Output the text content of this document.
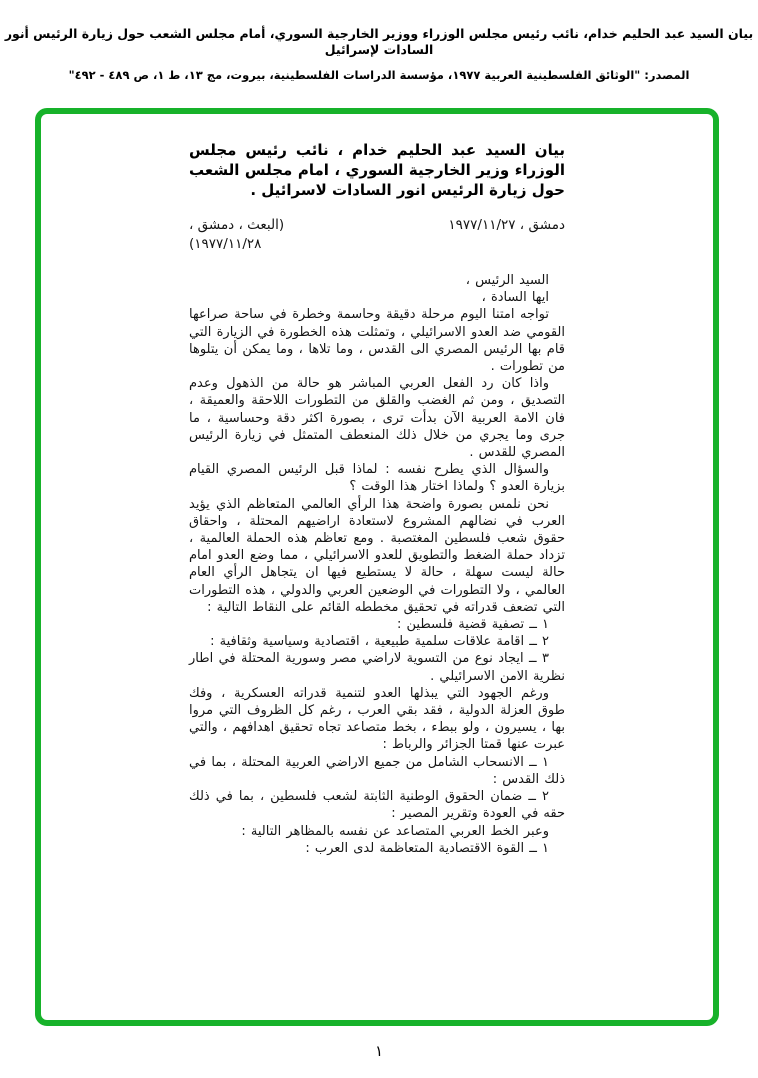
بيان السيد عبد الحليم خدام، نائب رئيس مجلس الوزراء ووزير الخارجية السوري، أمام مجلس الشعب حول زيارة الرئيس أنور السادات لإسرائيل
المصدر: "الوثائق الفلسطينية العربية ١٩٧٧، مؤسسة الدراسات الفلسطينية، بيروت، مج ١٣، ط ١، ص ٤٨٩ - ٤٩٢"
بيان السيد عبد الحليم خدام ، نائب رئيس مجلس الوزراء وزير الخارجية السوري ، امام مجلس الشعب حول زيارة الرئيس انور السادات لاسرائيل .
دمشق ، ١٩٧٧/١١/٢٧
(البعث ، دمشق ، ١٩٧٧/١١/٢٨)

السيد الرئيس ،

ايها السادة ،

تواجه امتنا اليوم مرحلة دقيقة وحاسمة وخطرة في ساحة صراعها القومي ضد العدو الاسرائيلي ، وتمثلت هذه الخطورة في الزيارة التي قام بها الرئيس المصري الى القدس ، وما تلاها ، وما يمكن أن يتلوها من تطورات .

واذا كان رد الفعل العربي المباشر هو حالة من الذهول وعدم التصديق ، ومن ثم الغضب والقلق من التطورات اللاحقة والعميقة ، فان الامة العربية الآن بدأت ترى ، بصورة اكثر دقة وحساسية ، ما جرى وما يجري من خلال ذلك المنعطف المتمثل في زيارة الرئيس المصري للقدس .

والسؤال الذي يطرح نفسه : لماذا قبل الرئيس المصري القيام بزيارة العدو ؟ ولماذا اختار هذا الوقت ؟

نحن نلمس بصورة واضحة هذا الرأي العالمي المتعاظم الذي يؤيد العرب في نضالهم المشروع لاستعادة اراضيهم المحتلة ، واحقاق حقوق شعب فلسطين المغتصبة . ومع تعاظم هذه الحملة العالمية ، تزداد حملة الضغط والتطويق للعدو الاسرائيلي ، مما وضع العدو امام حالة ليست سهلة ، حالة لا يستطيع فيها ان يتجاهل الرأي العام العالمي ، ولا التطورات في الوضعين العربي والدولي ، هذه التطورات التي تضعف قدراته في تحقيق مخططه القائم على النقاط التالية :

١ ــ تصفية قضية فلسطين :

٢ ــ اقامة علاقات سلمية طبيعية ، اقتصادية وسياسية وثقافية :

٣ ــ ايجاد نوع من التسوية لاراضي مصر وسورية المحتلة في اطار نظرية الامن الاسرائيلي .

ورغم الجهود التي يبذلها العدو لتنمية قدراته العسكرية ، وفك طوق العزلة الدولية ، فقد بقي العرب ، رغم كل الظروف التي مروا بها ، يسيرون ، ولو ببطء ، بخط متصاعد تجاه تحقيق اهدافهم ، والتي عبرت عنها قمتا الجزائر والرباط :

١ ــ الانسحاب الشامل من جميع الاراضي العربية المحتلة ، بما في ذلك القدس :

٢ ــ ضمان الحقوق الوطنية الثابتة لشعب فلسطين ، بما في ذلك حقه في العودة وتقرير المصير :

وعبر الخط العربي المتصاعد عن نفسه بالمظاهر التالية :

١ ــ القوة الاقتصادية المتعاظمة لدى العرب :

١
